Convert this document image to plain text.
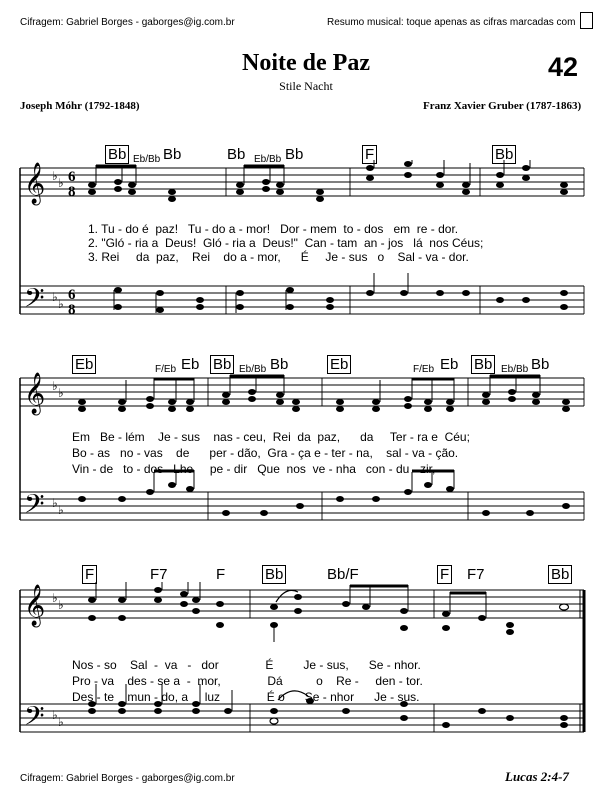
Cifragem: Gabriel Borges - gaborges@ig.com.br	Resumo musical: toque apenas as cifras marcadas com
Noite de Paz
Stile Nacht
42
Joseph Móhr (1792-1848)	Franz Xavier Gruber (1787-1863)
Bb Eb/Bb Bb	Bb Eb/Bb Bb	F	Bb
𝄞
𝄢
♭ ♭
♭ ♭
6
8
6
8
1. Tu - do é  paz!   Tu - do a - mor!   Dor - mem  to - dos   em  re - dor.
2. "Gló - ria a  Deus!  Gló - ria a  Deus!"  Can - tam  an - jos   lá  nos Céus;
3. Rei     da  paz,    Rei    do a - mor,      É     Je - sus   o    Sal - va - dor.
Eb	F/Eb Eb Bb Eb/Bb Bb	Eb	F/Eb Eb Bb Eb/Bb Bb
𝄞
𝄢
♭ ♭
♭ ♭
Em   Be - lém    Je - sus    nas - ceu,  Rei  da  paz,      da     Ter - ra e  Céu;
Bo - as   no - vas    de      per - dão,  Gra - ça e - ter - na,    sal - va - ção.
Vin - de   to - dos   Lhe     pe - dir   Que  nos  ve - nha   con - du - zir,
F	F7	F	Bb	Bb/F	F F7	Bb
𝄞
𝄢
♭ ♭
♭ ♭
Nos - so    Sal  -  va   -   dor              É         Je - sus,      Se - nhor.
Pro - va    des - se a  -  mor,              Dá          o    Re -     den - tor.
Des - te    mun - do, a     luz              É o      Se - nhor      Je - sus.
Cifragem: Gabriel Borges - gaborges@ig.com.br	Lucas 2:4-7
